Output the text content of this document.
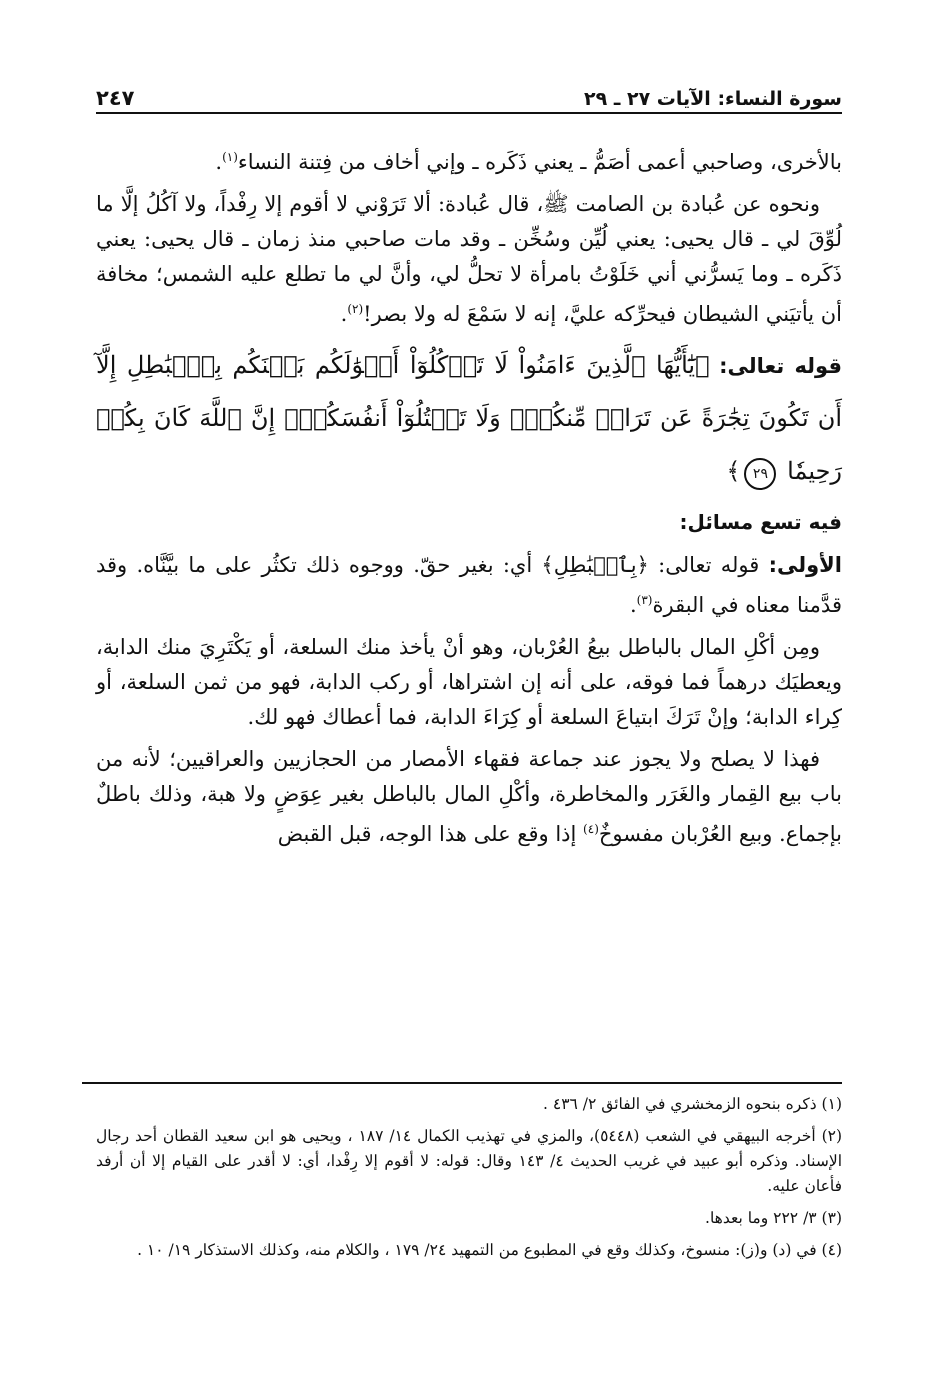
٢٤٧	سورة النساء: الآيات ٢٧ ـ ٢٩

بالأخرى، وصاحبي أعمى أصَمُّ ـ يعني ذَكَره ـ وإني أخاف من فِتنة النساء$^{(١)}$.

ونحوه عن عُبادة بن الصامت ﷺ، قال عُبادة: ألا تَرَوْني لا أقوم إلا رِفْداً، ولا آكُلُ إلَّا ما لُوِّقَ لي ـ قال يحيى: يعني لُيِّن وسُخِّن ـ وقد مات صاحبي منذ زمان ـ قال يحيى: يعني ذَكَره ـ وما يَسرُّني أني خَلَوْتُ بامرأة لا تحلُّ لي، وأنَّ لي ما تطلع عليه الشمس؛ مخافة أن يأتيَني الشيطان فيحرِّكه عليَّ، إنه لا سَمْعَ له ولا بصر!$^{(٢)}$.

قوله تعالى: ﴿يَٰٓأَيُّهَا ٱلَّذِينَ ءَامَنُواْ لَا تَأۡكُلُوٓاْ أَمۡوَٰلَكُم بَيۡنَكُم بِٱلۡبَٰطِلِ إِلَّآ أَن تَكُونَ تِجَٰرَةً عَن تَرَاضٖ مِّنكُمۡۚ وَلَا تَقۡتُلُوٓاْ أَنفُسَكُمۡۚ إِنَّ ٱللَّهَ كَانَ بِكُمۡ رَحِيمٗا ٢٩﴾

فيه تسع مسائل:

الأولى: قوله تعالى: ﴿بِٱلۡبَٰطِلِ﴾ أي: بغير حقّ. ووجوه ذلك تكثُر على ما بيَّنَّاه. وقد قدَّمنا معناه في البقرة$^{(٣)}$.

ومِن أكْلِ المال بالباطل بيعُ العُرْبان، وهو أنْ يأخذ منك السلعة، أو يَكْتَرِيَ منك الدابة، ويعطيَك درهماً فما فوقه، على أنه إن اشتراها، أو ركب الدابة، فهو من ثمن السلعة، أو كِراء الدابة؛ وإنْ تَرَكَ ابتياعَ السلعة أو كِرَاءَ الدابة، فما أعطاك فهو لك.

فهذا لا يصلح ولا يجوز عند جماعة فقهاء الأمصار من الحجازيين والعراقيين؛ لأنه من باب بيع القِمار والغَرَر والمخاطرة، وأكْلِ المال بالباطل بغير عِوَضٍ ولا هبة، وذلك باطلٌ بإجماع. وبيع العُرْبان مفسوخٌ$^{(٤)}$ إذا وقع على هذا الوجه، قبل القبض

(١) ذكره بنحوه الزمخشري في الفائق ٢/ ٤٣٦ .

(٢) أخرجه البيهقي في الشعب (٥٤٤٨)، والمزي في تهذيب الكمال ١٤/ ١٨٧ ، ويحيى هو ابن سعيد القطان أحد رجال الإسناد. وذكره أبو عبيد في غريب الحديث ٤/ ١٤٣ وقال: قوله: لا أقوم إلا رِفْدا، أي: لا أقدر على القيام إلا أن أرفد فأعان عليه.

(٣) ٣/ ٢٢٢ وما بعدها.

(٤) في (د) و(ز): منسوخ، وكذلك وقع في المطبوع من التمهيد ٢٤/ ١٧٩ ، والكلام منه، وكذلك الاستذكار ١٩/ ١٠ .
